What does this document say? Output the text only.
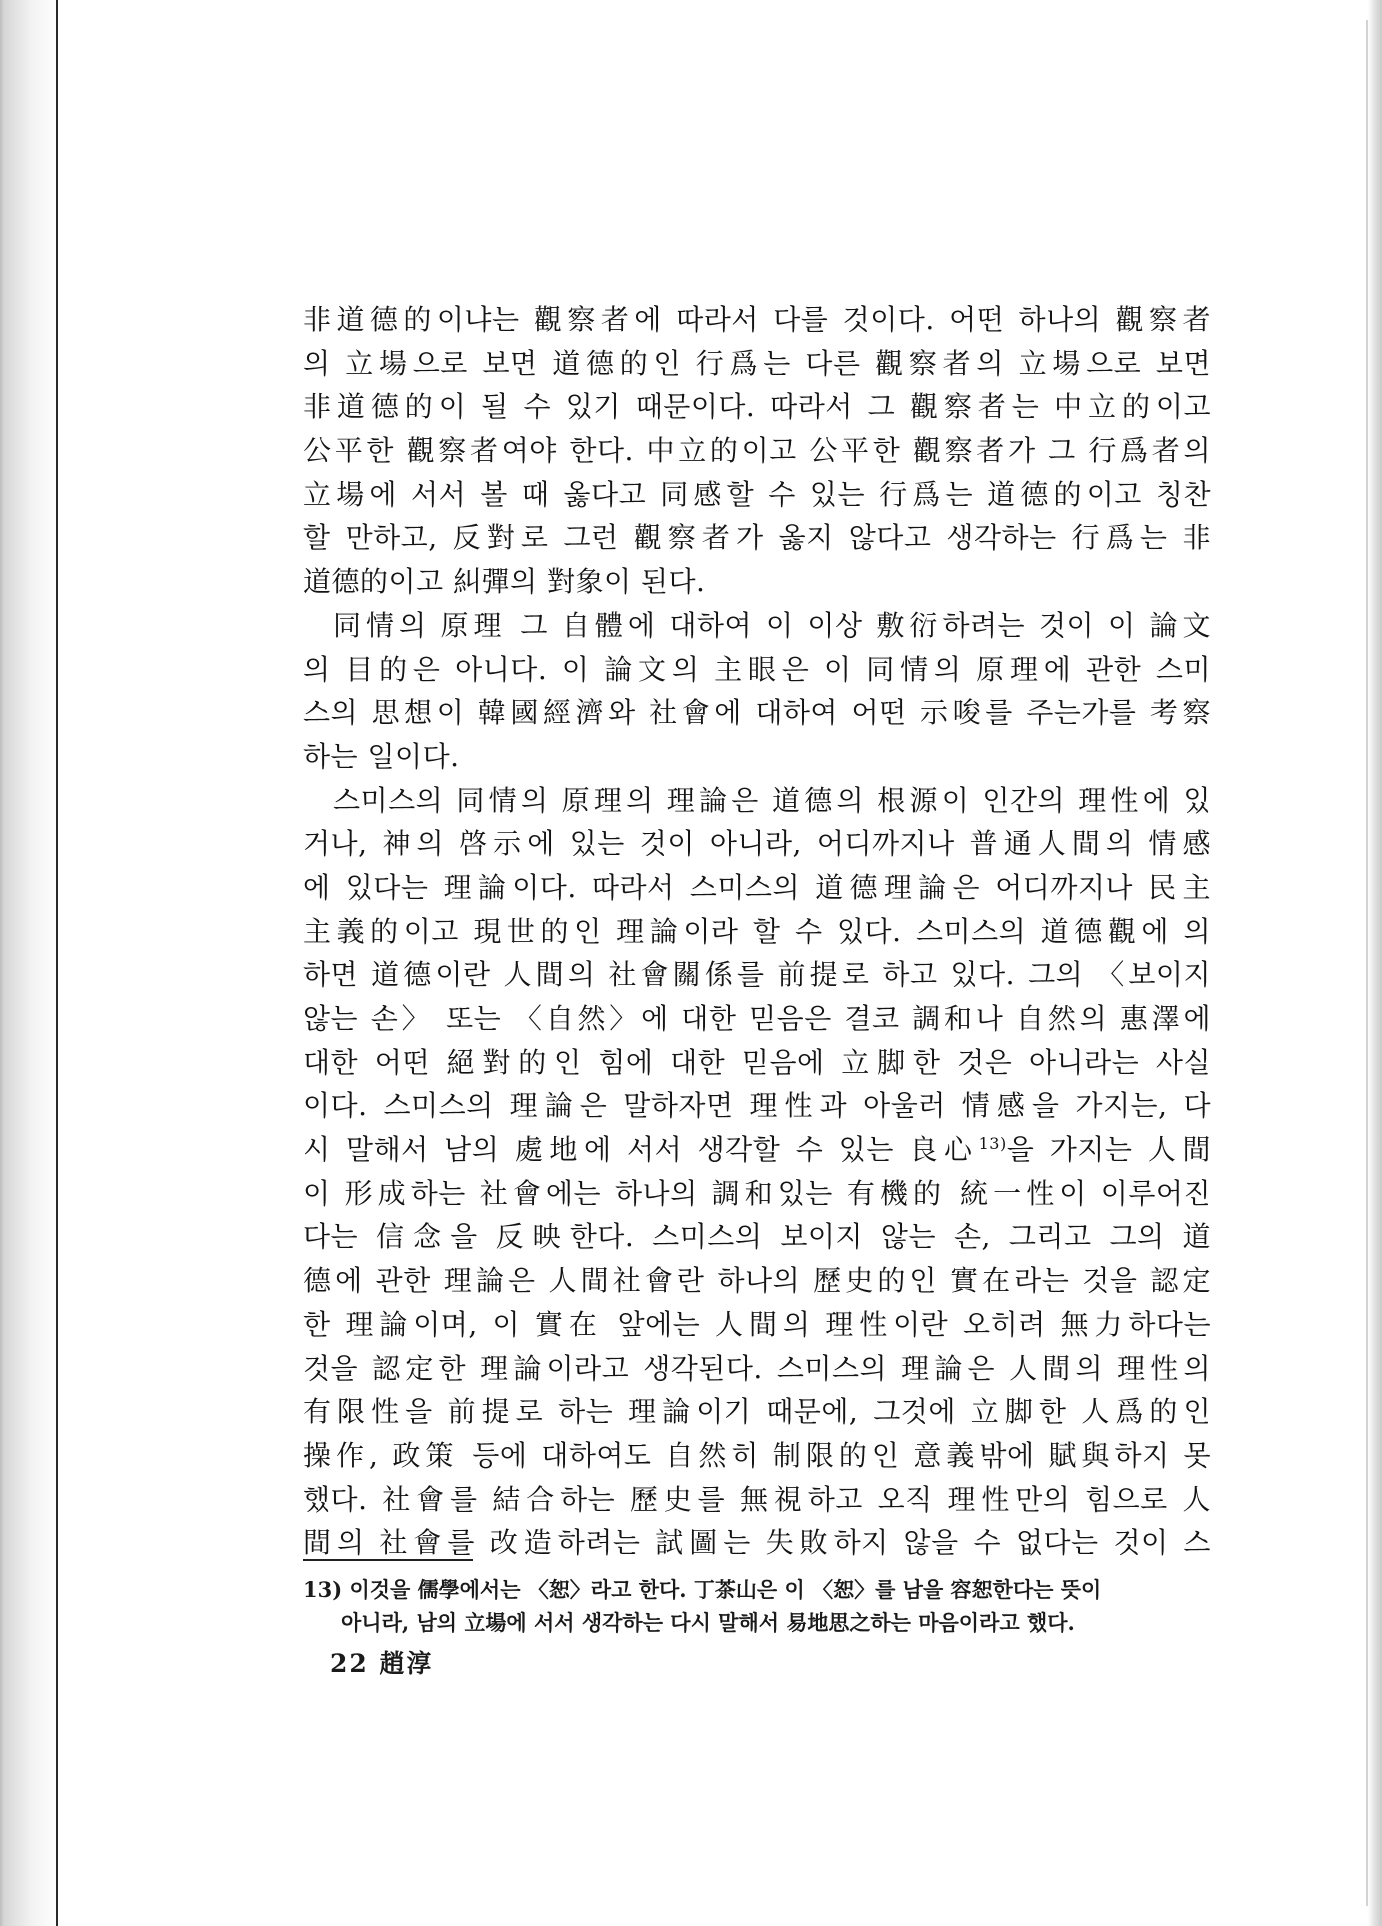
非道德的이냐는 觀察者에 따라서 다를 것이다. 어떤 하나의 觀察者
의 立場으로 보면 道德的인 行爲는 다른 觀察者의 立場으로 보면
非道德的이 될 수 있기 때문이다. 따라서 그 觀察者는 中立的이고
公平한 觀察者여야 한다. 中立的이고 公平한 觀察者가 그 行爲者의
立場에 서서 볼 때 옳다고 同感할 수 있는 行爲는 道德的이고 칭찬
할 만하고, 反對로 그런 觀察者가 옳지 않다고 생각하는 行爲는 非
道德的이고 糾彈의 對象이 된다.
同情의 原理 그 自體에 대하여 이 이상 敷衍하려는 것이 이 論文
의 目的은 아니다. 이 論文의 主眼은 이 同情의 原理에 관한 스미
스의 思想이 韓國經濟와 社會에 대하여 어떤 示唆를 주는가를 考察
하는 일이다.
스미스의 同情의 原理의 理論은 道德의 根源이 인간의 理性에 있
거나, 神의 啓示에 있는 것이 아니라, 어디까지나 普通人間의 情感
에 있다는 理論이다. 따라서 스미스의 道德理論은 어디까지나 民主
主義的이고 現世的인 理論이라 할 수 있다. 스미스의 道德觀에 의
하면 道德이란 人間의 社會關係를 前提로 하고 있다. 그의 〈보이지
않는 손〉 또는 〈自然〉에 대한 믿음은 결코 調和나 自然의 惠澤에
대한 어떤 絕對的인 힘에 대한 믿음에 立脚한 것은 아니라는 사실
이다. 스미스의 理論은 말하자면 理性과 아울러 情感을 가지는, 다
시 말해서 남의 處地에 서서 생각할 수 있는 良心$^{13)}$을 가지는 人間
이 形成하는 社會에는 하나의 調和있는 有機的 統一性이 이루어진
다는 信念을 反映한다. 스미스의 보이지 않는 손, 그리고 그의 道
德에 관한 理論은 人間社會란 하나의 歷史的인 實在라는 것을 認定
한 理論이며, 이 實在 앞에는 人間의 理性이란 오히려 無力하다는
것을 認定한 理論이라고 생각된다. 스미스의 理論은 人間의 理性의
有限性을 前提로 하는 理論이기 때문에, 그것에 立脚한 人爲的인
操作, 政策 등에 대하여도 自然히 制限的인 意義밖에 賦與하지 못
했다. 社會를 結合하는 歷史를 無視하고 오직 理性만의 힘으로 人
間의 社會를 改造하려는 試圖는 失敗하지 않을 수 없다는 것이 스
13) 이것을 儒學에서는 〈恕〉라고 한다. 丁茶山은 이 〈恕〉를 남을 容恕한다는 뜻이
아니라, 남의 立場에 서서 생각하는 다시 말해서 易地思之하는 마음이라고 했다.
22 趙淳
